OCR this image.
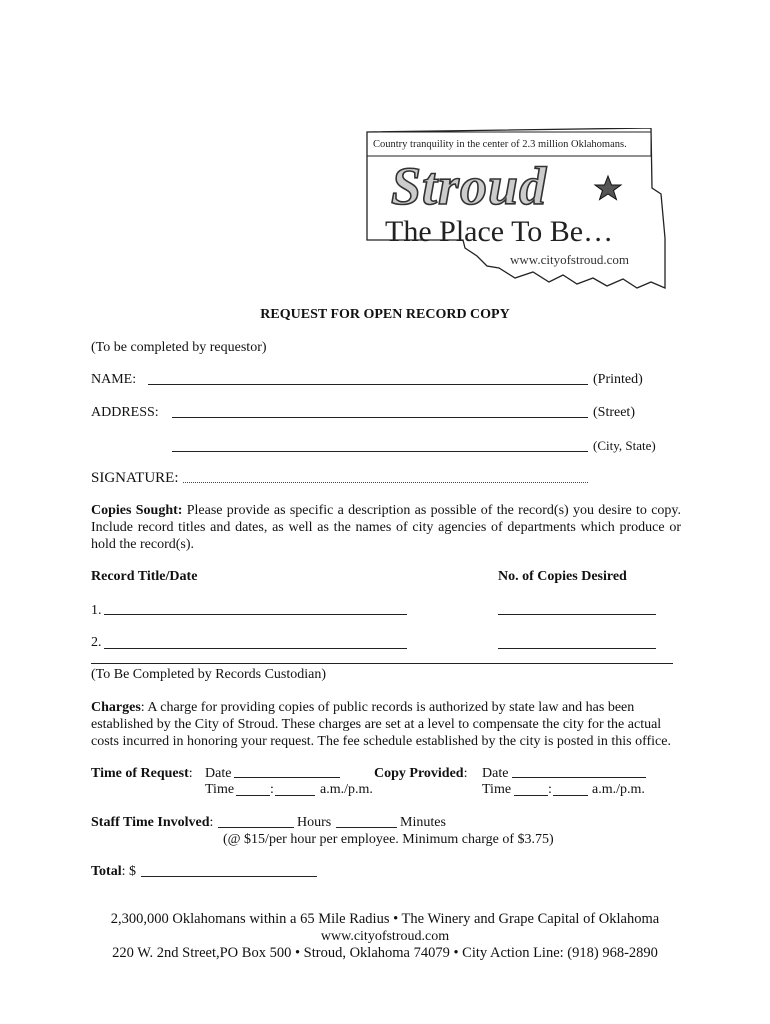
Country tranquility in the center of 2.3 million Oklahomans.
Stroud
The Place To Be…
www.cityofstroud.com
REQUEST FOR OPEN RECORD COPY
(To be completed by requestor)
NAME:	(Printed)
ADDRESS:	(Street)
(City, State)
SIGNATURE:
Copies Sought: Please provide as specific a description as possible of the record(s) you desire to copy. Include record titles and dates, as well as the names of city agencies of departments which produce or hold the record(s).
Record Title/Date	No. of Copies Desired
1.
2.
(To Be Completed by Records Custodian)
Charges: A charge for providing copies of public records is authorized by state law and has been established by the City of Stroud. These charges are set at a level to compensate the city for the actual costs incurred in honoring your request. The fee schedule established by the city is posted in this office.
Time of Request: Date
Time	:	a.m./p.m.
Copy Provided: Date
Time	:	a.m./p.m.
Staff Time Involved:	Hours	Minutes
(@ $15/per hour per employee. Minimum charge of $3.75)
Total: $
2,300,000 Oklahomans within a 65 Mile Radius • The Winery and Grape Capital of Oklahoma
www.cityofstroud.com
220 W. 2nd Street,PO Box 500 • Stroud, Oklahoma 74079 • City Action Line: (918) 968-2890
